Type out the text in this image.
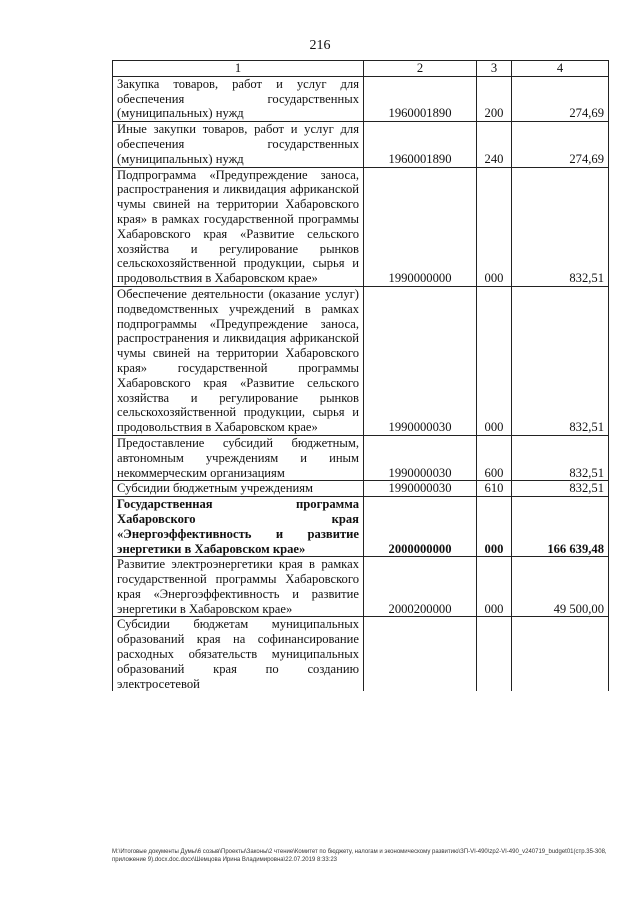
216
1	2	3	4
Закупка товаров, работ и услуг для обеспечения государственных (муниципальных) нужд	1960001890	200	274,69
Иные закупки товаров, работ и услуг для обеспечения государственных (муниципальных) нужд	1960001890	240	274,69
Подпрограмма «Предупреждение заноса, распространения и ликвидация африканской чумы свиней на территории Хабаровского края» в рамках государственной программы Хабаровского края «Развитие сельского хозяйства и регулирование рынков сельскохозяйственной продукции, сырья и продовольствия в Хабаровском крае»	1990000000	000	832,51
Обеспечение деятельности (оказание услуг) подведомственных учреждений в рамках подпрограммы «Предупреждение заноса, распространения и ликвидация африканской чумы свиней на территории Хабаровского края» государственной программы Хабаровского края «Развитие сельского хозяйства и регулирование рынков сельскохозяйственной продукции, сырья и продовольствия в Хабаровском крае»	1990000030	000	832,51
Предоставление субсидий бюджетным, автономным учреждениям и иным некоммерческим организациям	1990000030	600	832,51
Субсидии бюджетным учреждениям	1990000030	610	832,51
Государственная программа Хабаровского края «Энергоэффективность и развитие энергетики в Хабаровском крае»	2000000000	000	166 639,48
Развитие электроэнергетики края в рамках государственной программы Хабаровского края «Энергоэффективность и развитие энергетики в Хабаровском крае»	2000200000	000	49 500,00
Субсидии бюджетам муниципальных образований края на софинансирование расходных обязательств муниципальных образований края по созданию электросетевой			
M:\Итоговые документы Думы\6 созыв\Проекты\Законы\2 чтение\Комитет по бюджету, налогам и экономическому развитию\ЗП-VI-490\zp2-VI-490_v240719_budget01(стр.35-308, приложение 9).docx.doc.docx\Шемцова Ирина Владимировна\22.07.2019 8:33:23
